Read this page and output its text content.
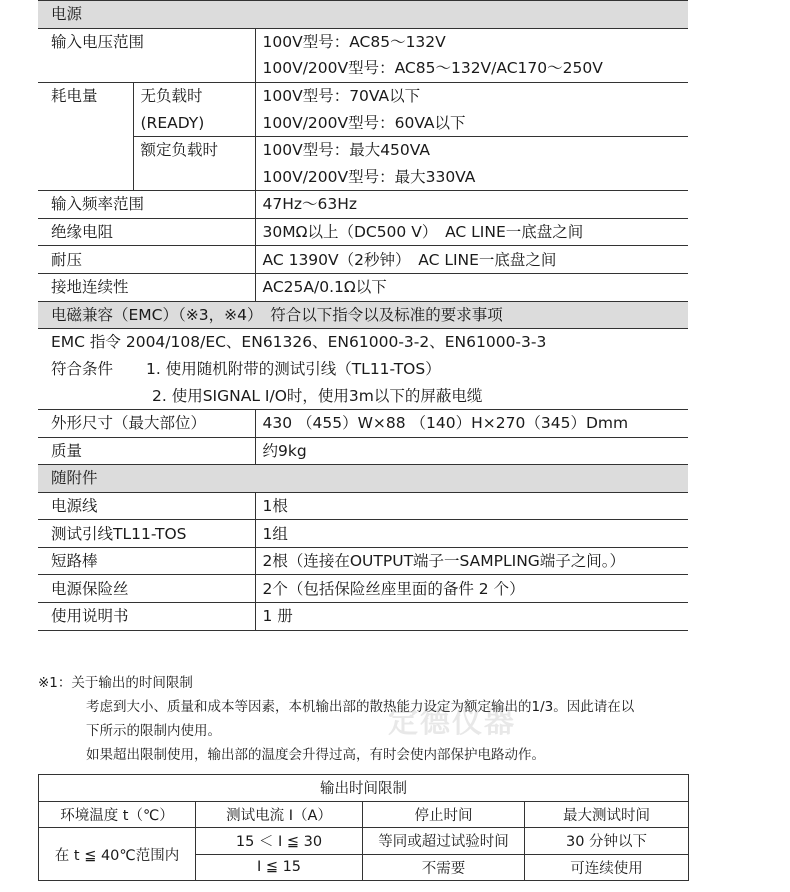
电源		
输入电压范围		100V型号：AC85～132V
		100V/200V型号：AC85～132V/AC170～250V
耗电量	无负载时	100V型号：70VA以下
	(READY)	100V/200V型号：60VA以下
	额定负载时	100V型号：最大450VA
		100V/200V型号：最大330VA
输入频率范围		47Hz～63Hz
绝缘电阻		30MΩ以上（DC500 V）　AC LINE一底盘之间
耐压		AC 1390V（2秒钟）　AC LINE一底盘之间
接地连续性		AC25A/0.1Ω以下
电磁兼容（EMC）（※3，※4）　符合以下指令以及标准的要求事项		
EMC 指令 2004/108/EC、EN61326、EN61000-3-2、EN61000-3-3		
符合条件	1. 使用随机附带的测试引线（TL11-TOS）	
2. 使用SIGNAL I/O时，使用3m以下的屏蔽电缆		
外形尺寸（最大部位）		430 （455）W×88 （140）H×270（345）Dmm
质量		约9kg
随附件		
电源线		1根
测试引线TL11-TOS		1组
短路棒		2根（连接在OUTPUT端子一SAMPLING端子之间。）
电源保险丝		2个（包括保险丝座里面的备件 2 个）
使用说明书		1 册
※1：关于输出的时间限制
考虑到大小、质量和成本等因素，本机输出部的散热能力设定为额定输出的1/3。因此请在以
下所示的限制内使用。
如果超出限制使用，输出部的温度会升得过高，有时会使内部保护电路动作。
定德仪器
输出时间限制			
环境温度 t（℃）	测试电流 I（A）	停止时间	最大测试时间
在 t ≦ 40℃范围内	15 ＜ I ≦ 30	等同或超过试验时间	30 分钟以下
	I ≦ 15	不需要	可连续使用
